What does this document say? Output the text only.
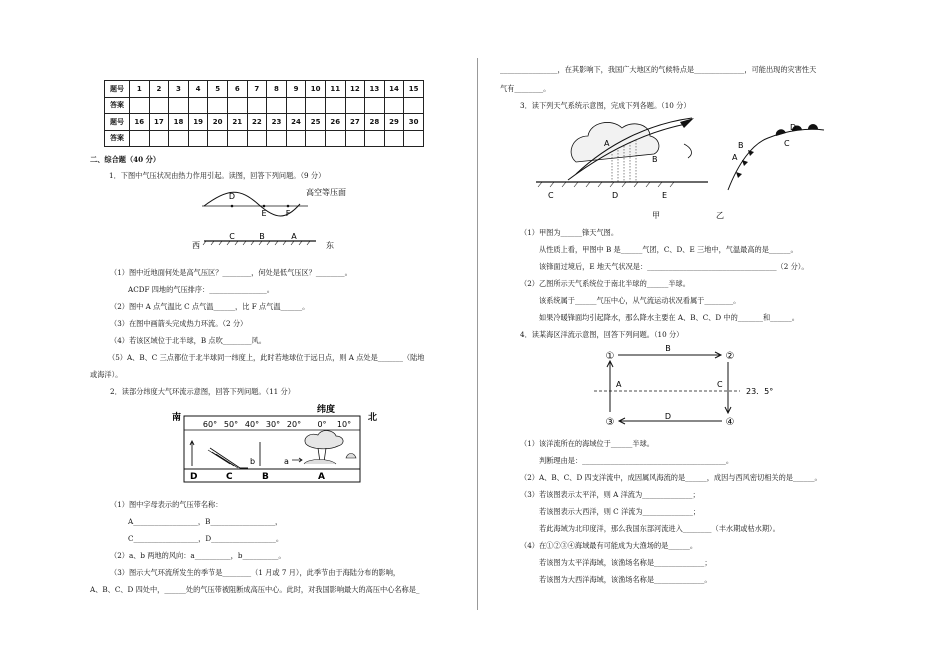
题号	1	2	3	4	5	6	7	8	9	10	11	12	13	14	15
答案															
题号	16	17	18	19	20	21	22	23	24	25	26	27	28	29	30
答案															
二、综合题（40 分）
1．下图中气压状况由热力作用引起。读图，回答下列问题。（9 分）
D
E F
高空等压面
C	B	A
西	东
（1）图中近地面何处是高气压区？________，何处是低气压区？________。
ACDF 四地的气压排序：________________。
（2）图中 A 点气温比 C 点气温______，比 F 点气温______。
（3）在图中画箭头完成热力环流。（2 分）
（4）若该区域位于北半球，B 点吹________风。
（5）A、B、C 三点都位于北半球同一纬度上，此时若地球位于远日点，则 A 点处是_______（陆地
或海洋）。
2．读部分纬度大气环流示意图，回答下列问题。（11 分）
南	北
纬度
60° 50° 40° 30° 20° 0° 10°
b	a
D	C	B	A
（1）图中字母表示的气压带名称：
A__________________，B__________________，
C__________________，D__________________。
（2）a、b 两地的风向：a__________，b__________。
（3）图示大气环流所发生的季节是________（1 月或 7 月），此季节由于海陆分布的影响，
A、B、C、D 四处中，______处的气压带被阻断成高压中心。此时，对我国影响最大的高压中心名称是_
________________，在其影响下，我国广大地区的气候特点是______________，可能出现的灾害性天
气有________。
3．读下列天气系统示意图，完成下列各题。（10 分）
A
B
C	D	E
甲
A
B	C
D
乙
（1）甲图为______锋天气图。
从性质上看，甲图中 B 是______气团，C、D、E 三地中，气温最高的是______。
该锋面过境后，E 地天气状况是：____________________________________（2 分）。
（2）乙图所示天气系统位于南北半球的______半球。
该系统属于______气压中心，从气流运动状况看属于________。
如果冷暖锋面均引起降水，那么降水主要在 A、B、C、D 中的_______和______。
4．读某海区洋流示意图，回答下列问题。（10 分）
①	②
③	④
B
A	C
D
23．5°
（1）该洋流所在的海域位于______半球。
判断理由是：________________________________________。
（2）A、B、C、D 四支洋流中，成因属风海流的是______，成因与西风密切相关的是______。
（3）若该图表示太平洋，则 A 洋流为______________；
若该图表示大西洋，则 C 洋流为______________；
若此海域为北印度洋，那么我国东部河流进入________（丰水期或枯水期）。
（4）在①②③④海域最有可能成为大渔场的是______。
若该图为太平洋海域，该渔场名称是______________；
若该图为大西洋海域，该渔场名称是______________。
